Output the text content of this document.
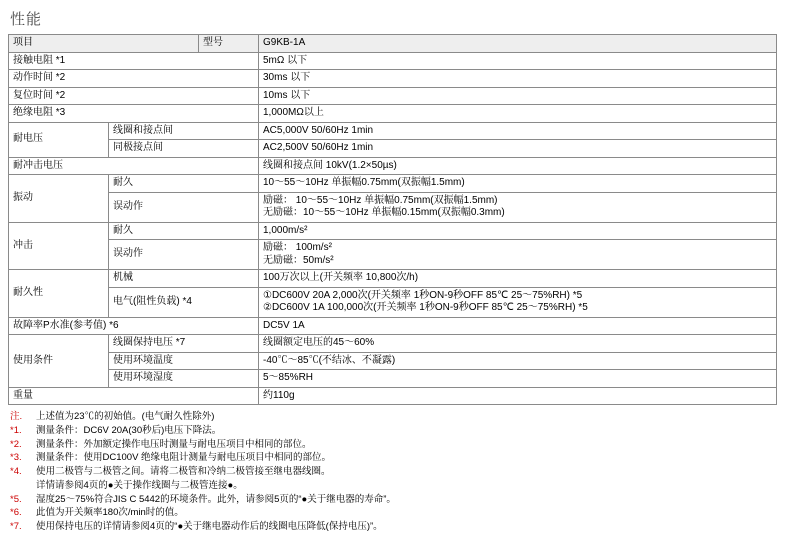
性能
项目		型号	G9KB-1A
接触电阻 *1			5mΩ 以下
动作时间 *2			30ms 以下
复位时间 *2			10ms 以下
绝缘电阻 *3			1,000MΩ以上
耐电压	线圈和接点间		AC5,000V 50/60Hz 1min
	同极接点间		AC2,500V 50/60Hz 1min
耐冲击电压			线圈和接点间 10kV(1.2×50µs)
振动	耐久		10～55～10Hz 单振幅0.75mm(双振幅1.5mm)
	误动作		励磁： 10～55～10Hz 单振幅0.75mm(双振幅1.5mm)
无励磁：10～55～10Hz 单振幅0.15mm(双振幅0.3mm)

冲击	耐久		1,000m/s²
	误动作		励磁： 100m/s²
无励磁：50m/s²

耐久性	机械		100万次以上(开关频率 10,800次/h)
	电气(阻性负载) *4		①DC600V 20A 2,000次(开关频率 1秒ON-9秒OFF 85℃ 25～75%RH) *5
②DC600V 1A 100,000次(开关频率 1秒ON-9秒OFF 85℃ 25～75%RH) *5

故障率P水准(参考值) *6			DC5V 1A
使用条件	线圈保持电压 *7		线圈额定电压的45～60%
	使用环境温度		-40℃～85℃(不结冰、不凝露)
	使用环境湿度		5～85%RH
重量			约110g
注.	上述值为23℃的初始值。(电气耐久性除外)
*1.	测量条件：DC6V 20A(30秒后)电压下降法。
*2.	测量条件：外加额定操作电压时测量与耐电压项目中相同的部位。
*3.	测量条件：使用DC100V 绝缘电阻计测量与耐电压项目中相同的部位。
*4.	使用二极管与二极管之间。请将二极管和冷纳二极管接至继电器线圈。
详情请参阅4页的●关于操作线圈与二极管连接●。
*5.	湿度25～75%符合JIS C 5442的环境条件。此外，请参阅5页的“●关于继电器的寿命”。
*6.	此值为开关频率180次/min时的值。
*7.	使用保持电压的详情请参阅4页的“●关于继电器动作后的线圈电压降低(保持电压)”。
